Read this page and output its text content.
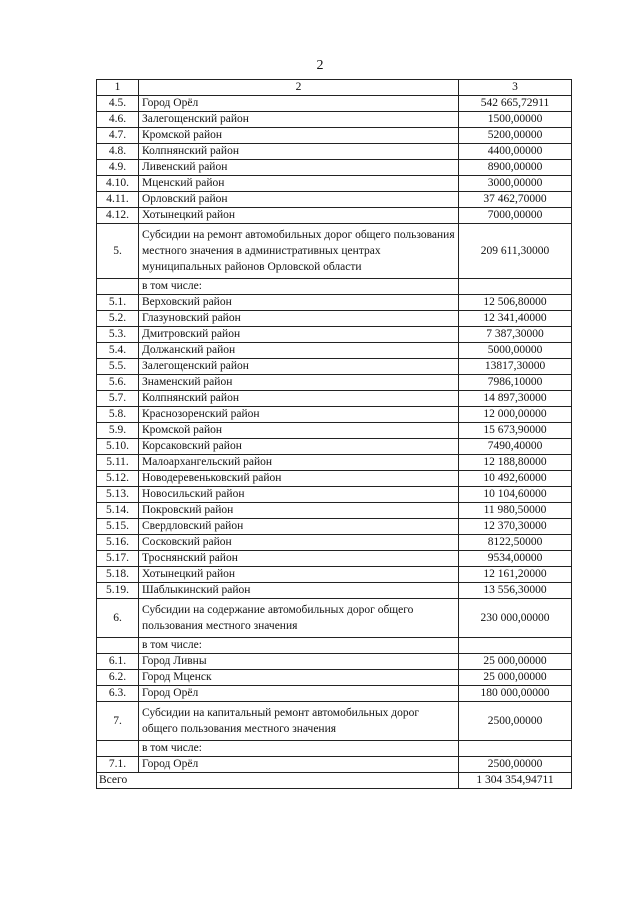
2
1	2	3
4.5.	Город Орёл	542 665,72911
4.6.	Залегощенский район	1500,00000
4.7.	Кромской район	5200,00000
4.8.	Колпнянский район	4400,00000
4.9.	Ливенский район	8900,00000
4.10.	Мценский район	3000,00000
4.11.	Орловский район	37 462,70000
4.12.	Хотынецкий район	7000,00000
5.	Субсидии на ремонт автомобильных дорог общего пользования местного значения в административных центрах муниципальных районов Орловской области	209 611,30000
	в том числе:	
5.1.	Верховский район	12 506,80000
5.2.	Глазуновский район	12 341,40000
5.3.	Дмитровский район	7 387,30000
5.4.	Должанский район	5000,00000
5.5.	Залегощенский район	13817,30000
5.6.	Знаменский район	7986,10000
5.7.	Колпнянский район	14 897,30000
5.8.	Краснозоренский район	12 000,00000
5.9.	Кромской район	15 673,90000
5.10.	Корсаковский район	7490,40000
5.11.	Малоархангельский район	12 188,80000
5.12.	Новодеревеньковский район	10 492,60000
5.13.	Новосильский район	10 104,60000
5.14.	Покровский район	11 980,50000
5.15.	Свердловский район	12 370,30000
5.16.	Сосковский район	8122,50000
5.17.	Троснянский район	9534,00000
5.18.	Хотынецкий район	12 161,20000
5.19.	Шаблыкинский район	13 556,30000
6.	Субсидии на содержание автомобильных дорог общего пользования местного значения	230 000,00000
	в том числе:	
6.1.	Город Ливны	25 000,00000
6.2.	Город Мценск	25 000,00000
6.3.	Город Орёл	180 000,00000
7.	Субсидии на капитальный ремонт автомобильных дорог общего пользования местного значения	2500,00000
	в том числе:	
7.1.	Город Орёл	2500,00000
Всего		1 304 354,94711
